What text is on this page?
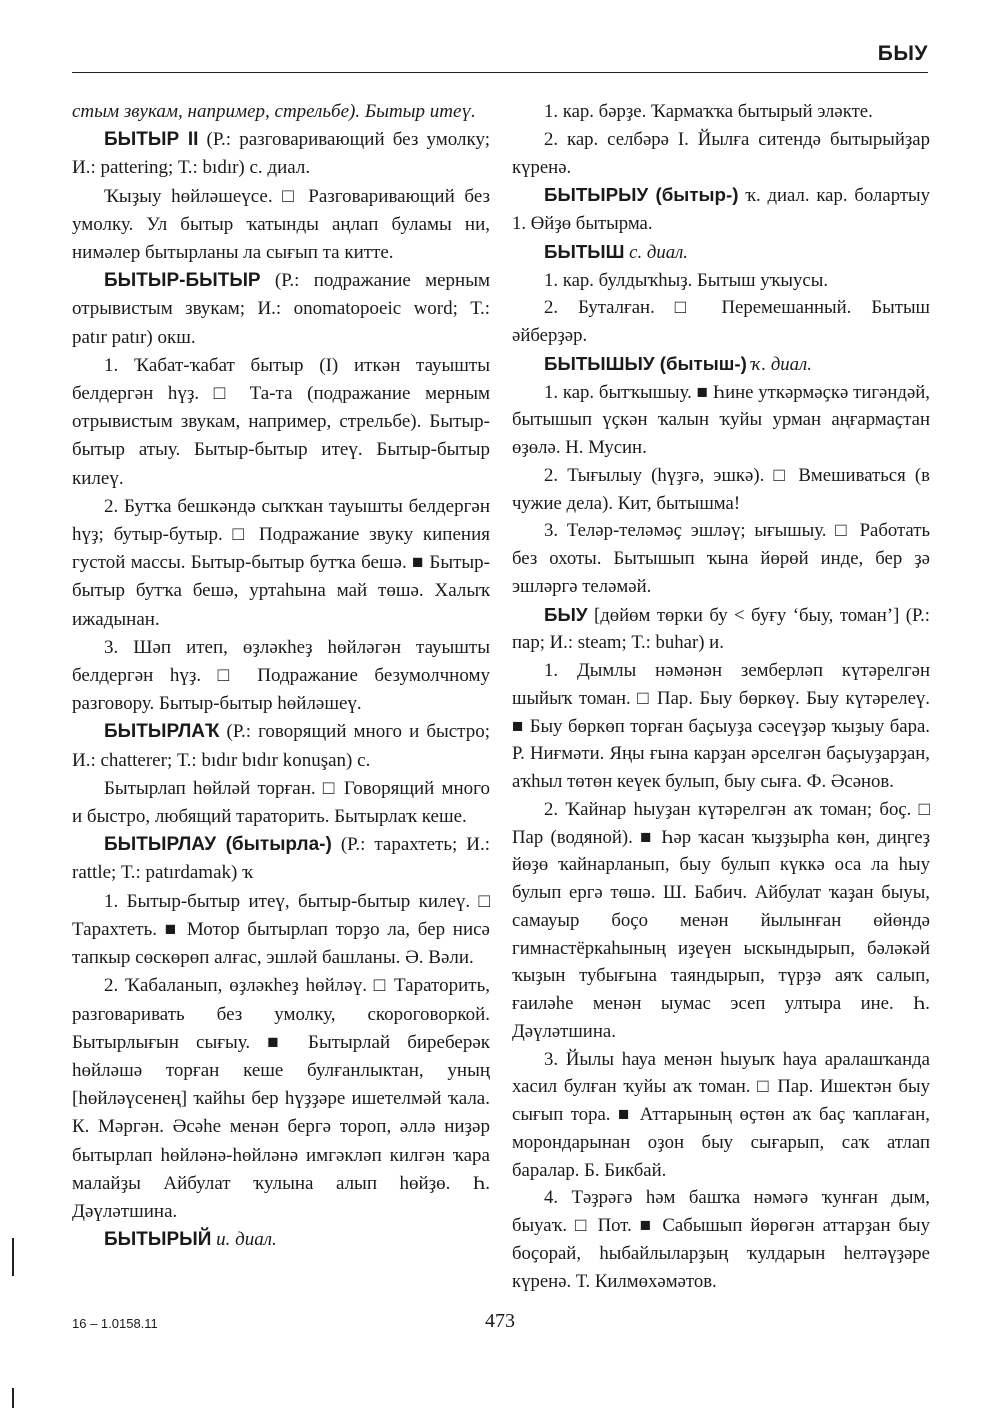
БЫУ

стым звукам, например, стрельбе). Бытыр итеү.

БЫТЫР II (Р.: разговаривающий без умолку; И.: pattering; Т.: bıdır) с. диал.

Ҡыҙыу һөйләшеүсе. □ Разговаривающий без умолку. Ул бытыр ҡатынды аңлап буламы ни, нимәлер бытырланы ла сығып та китте.

БЫТЫР-БЫТЫР (Р.: подражание мерным отрывистым звукам; И.: onomatopoeic word; Т.: patır patır) окш.

1. Ҡабат-ҡабат бытыр (I) иткән тауышты белдергән һүҙ. □ Та-та (подражание мерным отрывистым звукам, например, стрельбе). Бытыр-бытыр атыу. Бытыр-бытыр итеү. Бытыр-бытыр килеү.

2. Бутҡа бешкәндә сыҡҡан тауышты белдергән һүҙ; бутыр-бутыр. □ Подражание звуку кипения густой массы. Бытыр-бытыр бутҡа бешә. ■ Бытыр-бытыр бутҡа бешә, уртаһына май төшә. Халыҡ ижадынан.

3. Шәп итеп, өҙләкһеҙ һөйләгән тауышты белдергән һүҙ. □ Подражание безумолчному разговору. Бытыр-бытыр һөйләшеү.

БЫТЫРЛАҠ (Р.: говорящий много и быстро; И.: chatterer; Т.: bıdır bıdır konuşan) с.

Бытырлап һөйләй торған. □ Говорящий много и быстро, любящий тараторить. Бытырлаҡ кеше.

БЫТЫРЛАУ (бытырла-) (Р.: тарахтеть; И.: rattle; Т.: patırdamak) ҡ

1. Бытыр-бытыр итеү, бытыр-бытыр килеү. □ Тарахтеть. ■ Мотор бытырлап торҙо ла, бер нисә тапкыр сөскөрөп алғас, эшләй башланы. Ә. Вәли.

2. Ҡабаланып, өҙләкһеҙ һөйләү. □ Тараторить, разговаривать без умолку, скороговоркой. Бытырлығын сығыу. ■ Бытырлай биреберәк һөйләшә торған кеше булғанлыктан, уның [һөйләүсенең] ҡайһы бер һүҙҙәре ишетелмәй ҡала. К. Мәргән. Әсәһе менән бергә тороп, әллә ниҙәр бытырлап һөйләнә-һөйләнә имгәкләп килгән ҡара малайҙы Айбулат ҡулына алып һөйҙө. Һ. Дәүләтшина.

БЫТЫРЫЙ и. диал.

1. кар. бәрҙе. Ҡармаҡҡа бытырый эләкте.

2. кар. селбәрә I. Йылға ситендә бытырыйҙар күренә.

БЫТЫРЫУ (бытыр-) ҡ. диал. кар. болартыу 1. Өйҙө бытырма.

БЫТЫШ с. диал.

1. кар. булдыҡһыҙ. Бытыш уҡыусы.

2. Буталған. □ Перемешанный. Бытыш әйберҙәр.

БЫТЫШЫУ (бытыш-) ҡ. диал.

1. кар. бытҡышыу. ■ Һине уткәрмәҫкә тигәндәй, бытышып үҫкән ҡалын ҡуйы урман аңғармаҫтан өҙөлә. Н. Мусин.

2. Тығылыу (һүҙгә, эшкә). □ Вмешиваться (в чужие дела). Кит, бытышма!

3. Теләр-теләмәҫ эшләү; ығышыу. □ Работать без охоты. Бытышып ҡына йөрөй инде, бер ҙә эшләргә теләмәй.

БЫУ [дөйөм төрки бу < буғу ‘быу, томан’] (Р.: пар; И.: steam; Т.: buhar) и.

1. Дымлы нәмәнән земберләп күтәрелгән шыйыҡ томан. □ Пар. Быу бөркөү. Быу күтәрелеү. ■ Быу бөркөп торған баҫыуҙа сәсеүҙәр ҡыҙыу бара. Р. Ниғмәти. Яңы ғына карҙан әрселгән баҫыуҙарҙан, аҡһыл төтөн кеүек булып, быу сыға. Ф. Әсәнов.

2. Ҡайнар һыуҙан күтәрелгән аҡ томан; боҫ. □ Пар (водяной). ■ Һәр ҡасан ҡыҙҙырһа көн, диңгеҙ йөҙө ҡайнарланып, быу булып күккә оса ла һыу булып ергә төшә. Ш. Бабич. Айбулат ҡаҙан быуы, самауыр боҫо менән йылынған өйөндә гимнастёркаһының иҙеүен ыскындырып, бәләкәй ҡыҙын тубығына таяндырып, түрҙә аяҡ салып, ғаиләһе менән ыумас эсеп ултыра ине. Һ. Дәүләтшина.

3. Йылы һауа менән һыуыҡ һауа аралашҡанда хасил булған ҡуйы аҡ томан. □ Пар. Ишектән быу сығып тора. ■ Аттарының өҫтөн аҡ баҫ ҡаплаған, морондарынан оҙон быу сығарып, саҡ атлап баралар. Б. Бикбай.

4. Тәҙрәгә һәм башҡа нәмәгә ҡунған дым, быуаҡ. □ Пот. ■ Сабышып йөрөгән аттарҙан быу боҫорай, һыбайлыларҙың ҡулдарын һелтәүҙәре күренә. Т. Килмөхәмәтов.

16 – 1.0158.11	473
